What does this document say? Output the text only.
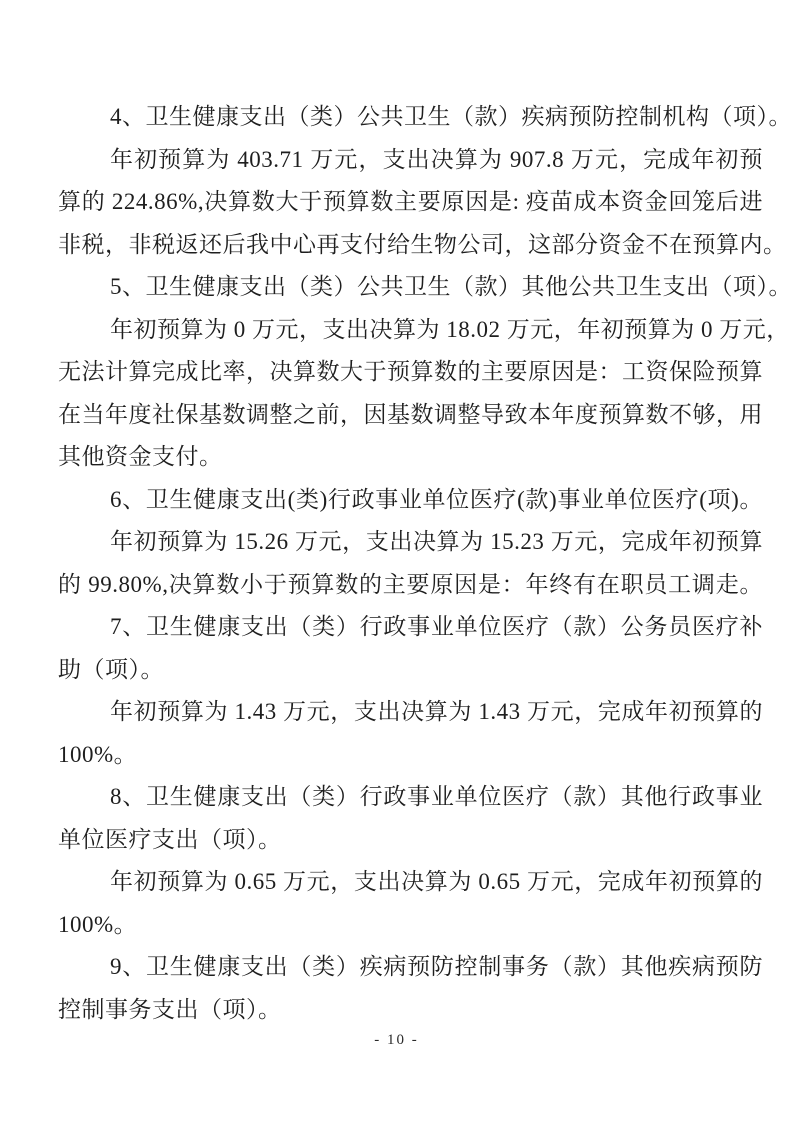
4、卫生健康支出（类）公共卫生（款）疾病预防控制机构（项）。
年初预算为 403.71 万元，支出决算为 907.8 万元，完成年初预
算的 224.86%,决算数大于预算数主要原因是: 疫苗成本资金回笼后进
非税，非税返还后我中心再支付给生物公司，这部分资金不在预算内。
5、卫生健康支出（类）公共卫生（款）其他公共卫生支出（项）。
年初预算为 0 万元，支出决算为 18.02 万元，年初预算为 0 万元，
无法计算完成比率，决算数大于预算数的主要原因是：工资保险预算
在当年度社保基数调整之前，因基数调整导致本年度预算数不够，用
其他资金支付。
6、卫生健康支出(类)行政事业单位医疗(款)事业单位医疗(项)。
年初预算为 15.26 万元，支出决算为 15.23 万元，完成年初预算
的 99.80%,决算数小于预算数的主要原因是：年终有在职员工调走。
7、卫生健康支出（类）行政事业单位医疗（款）公务员医疗补
助（项）。
年初预算为 1.43 万元，支出决算为 1.43 万元，完成年初预算的
100%。
8、卫生健康支出（类）行政事业单位医疗（款）其他行政事业
单位医疗支出（项）。
年初预算为 0.65 万元，支出决算为 0.65 万元，完成年初预算的
100%。
9、卫生健康支出（类）疾病预防控制事务（款）其他疾病预防
控制事务支出（项）。
- 10 -
